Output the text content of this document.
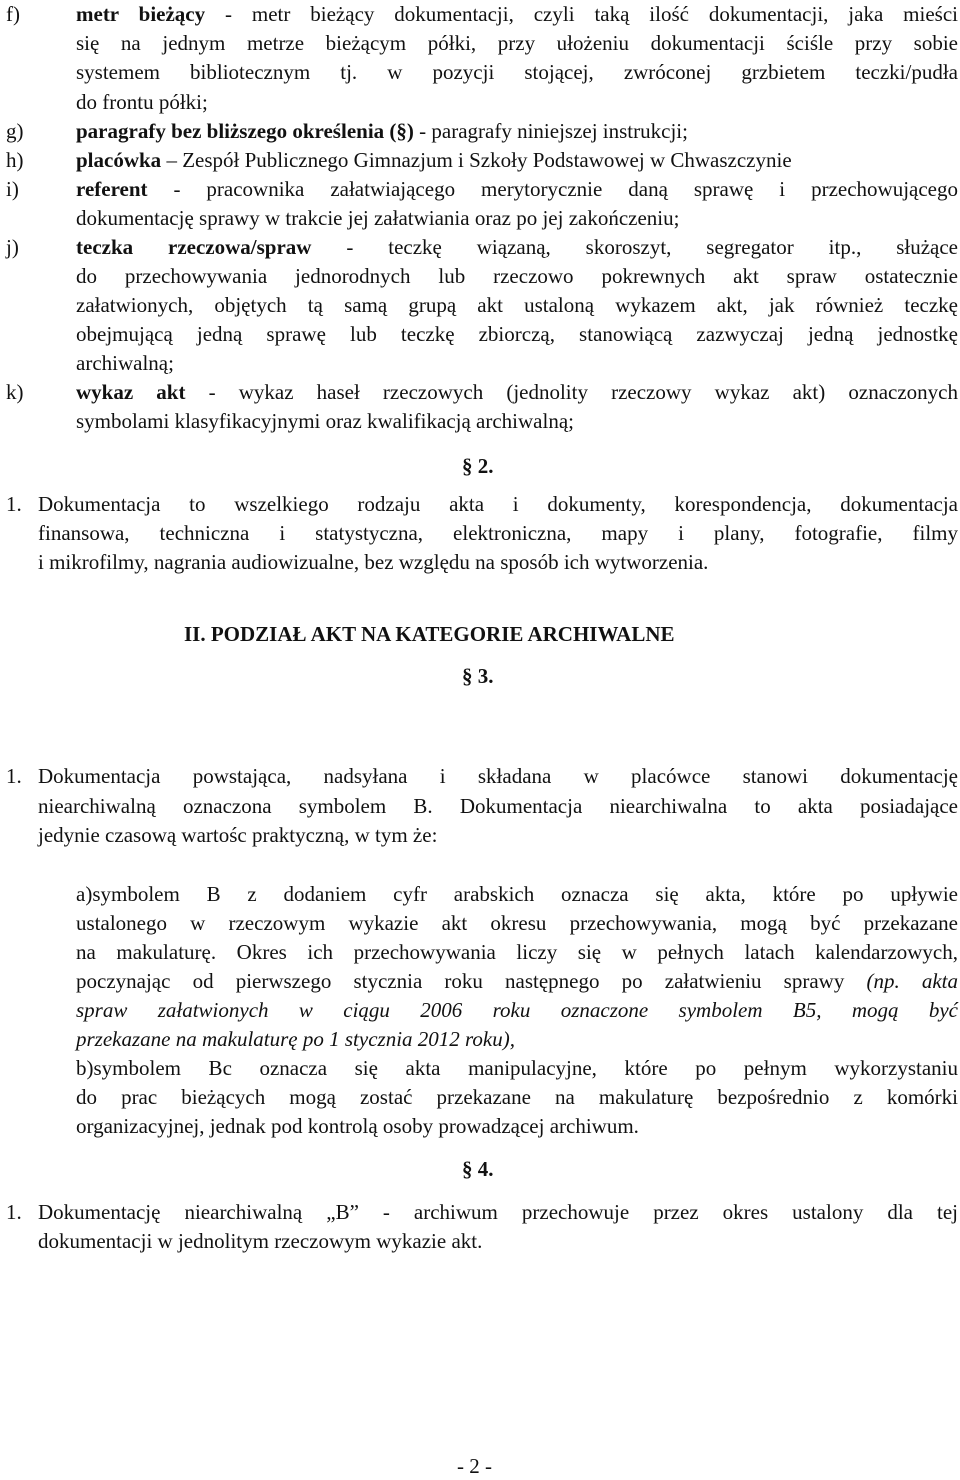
f)	metr bieżący - metr bieżący dokumentacji, czyli taką ilość dokumentacji, jaka mieści
się na jednym metrze bieżącym półki, przy ułożeniu dokumentacji ściśle przy sobie
systemem bibliotecznym tj. w pozycji stojącej, zwróconej grzbietem teczki/pudła
do frontu półki;
g)	paragrafy bez bliższego określenia (§) - paragrafy niniejszej instrukcji;
h)	placówka – Zespół Publicznego Gimnazjum i Szkoły Podstawowej w Chwaszczynie
i)	referent - pracownika załatwiającego merytorycznie daną sprawę i przechowującego
dokumentację sprawy w trakcie jej załatwiania oraz po jej zakończeniu;
j)	teczka rzeczowa/spraw - teczkę wiązaną, skoroszyt, segregator itp., służące
do przechowywania jednorodnych lub rzeczowo pokrewnych akt spraw ostatecznie
załatwionych, objętych tą samą grupą akt ustaloną wykazem akt, jak również teczkę
obejmującą jedną sprawę lub teczkę zbiorczą, stanowiącą zazwyczaj jedną jednostkę
archiwalną;
k)	wykaz akt - wykaz haseł rzeczowych (jednolity rzeczowy wykaz akt) oznaczonych
symbolami klasyfikacyjnymi oraz kwalifikacją archiwalną;
§ 2.
1. Dokumentacja to wszelkiego rodzaju akta i dokumenty, korespondencja, dokumentacja
finansowa, techniczna i statystyczna, elektroniczna, mapy i plany, fotografie, filmy
i mikrofilmy, nagrania audiowizualne, bez względu na sposób ich wytworzenia.
II. PODZIAŁ AKT NA KATEGORIE ARCHIWALNE
§ 3.
1. Dokumentacja powstająca, nadsyłana i składana w placówce stanowi dokumentację
niearchiwalną oznaczona symbolem B. Dokumentacja niearchiwalna to akta posiadające
jedynie czasową wartośc praktyczną, w tym że:
a)symbolem B z dodaniem cyfr arabskich oznacza się akta, które po upływie
ustalonego w rzeczowym wykazie akt okresu przechowywania, mogą być przekazane
na makulaturę. Okres ich przechowywania liczy się w pełnych latach kalendarzowych,
poczynając od pierwszego stycznia roku następnego po załatwieniu sprawy (np. akta
spraw załatwionych w ciągu 2006 roku oznaczone symbolem B5, mogą być
przekazane na makulaturę po 1 stycznia 2012 roku),
b)symbolem Bc oznacza się akta manipulacyjne, które po pełnym wykorzystaniu
do prac bieżących mogą zostać przekazane na makulaturę bezpośrednio z komórki
organizacyjnej, jednak pod kontrolą osoby prowadzącej archiwum.
§ 4.
1. Dokumentację niearchiwalną „B” - archiwum przechowuje przez okres ustalony dla tej
dokumentacji w jednolitym rzeczowym wykazie akt.
- 2 -
